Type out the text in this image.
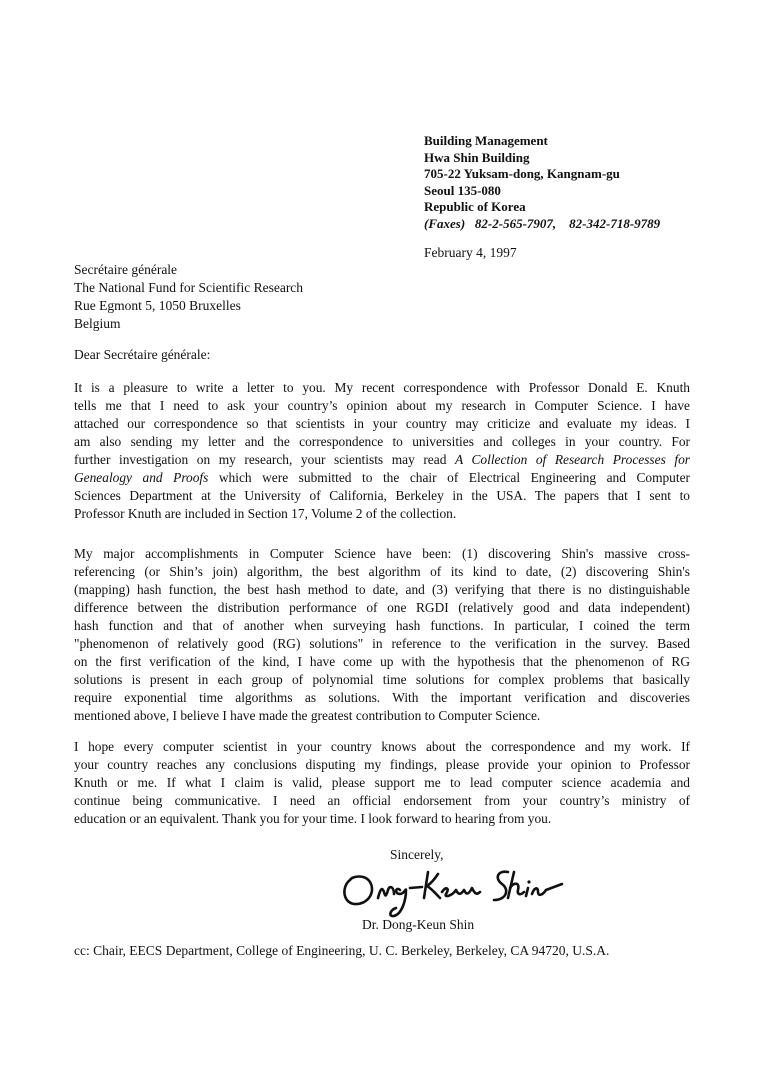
Building Management
Hwa Shin Building
705-22 Yuksam-dong, Kangnam-gu
Seoul 135-080
Republic of Korea
(Faxes) 82-2-565-7907, 82-342-718-9789
February 4, 1997
Secrétaire générale
The National Fund for Scientific Research
Rue Egmont 5, 1050 Bruxelles
Belgium
Dear Secrétaire générale:
It is a pleasure to write a letter to you. My recent correspondence with Professor Donald E. Knuth
tells me that I need to ask your country’s opinion about my research in Computer Science. I have
attached our correspondence so that scientists in your country may criticize and evaluate my ideas. I
am also sending my letter and the correspondence to universities and colleges in your country. For
further investigation on my research, your scientists may read A Collection of Research Processes for
Genealogy and Proofs which were submitted to the chair of Electrical Engineering and Computer
Sciences Department at the University of California, Berkeley in the USA. The papers that I sent to
Professor Knuth are included in Section 17, Volume 2 of the collection.
My major accomplishments in Computer Science have been: (1) discovering Shin's massive cross-
referencing (or Shin’s join) algorithm, the best algorithm of its kind to date, (2) discovering Shin's
(mapping) hash function, the best hash method to date, and (3) verifying that there is no distinguishable
difference between the distribution performance of one RGDI (relatively good and data independent)
hash function and that of another when surveying hash functions. In particular, I coined the term
"phenomenon of relatively good (RG) solutions" in reference to the verification in the survey. Based
on the first verification of the kind, I have come up with the hypothesis that the phenomenon of RG
solutions is present in each group of polynomial time solutions for complex problems that basically
require exponential time algorithms as solutions. With the important verification and discoveries
mentioned above, I believe I have made the greatest contribution to Computer Science.
I hope every computer scientist in your country knows about the correspondence and my work. If
your country reaches any conclusions disputing my findings, please provide your opinion to Professor
Knuth or me. If what I claim is valid, please support me to lead computer science academia and
continue being communicative. I need an official endorsement from your country’s ministry of
education or an equivalent. Thank you for your time. I look forward to hearing from you.
Sincerely,
Dr. Dong-Keun Shin
cc: Chair, EECS Department, College of Engineering, U. C. Berkeley, Berkeley, CA 94720, U.S.A.
